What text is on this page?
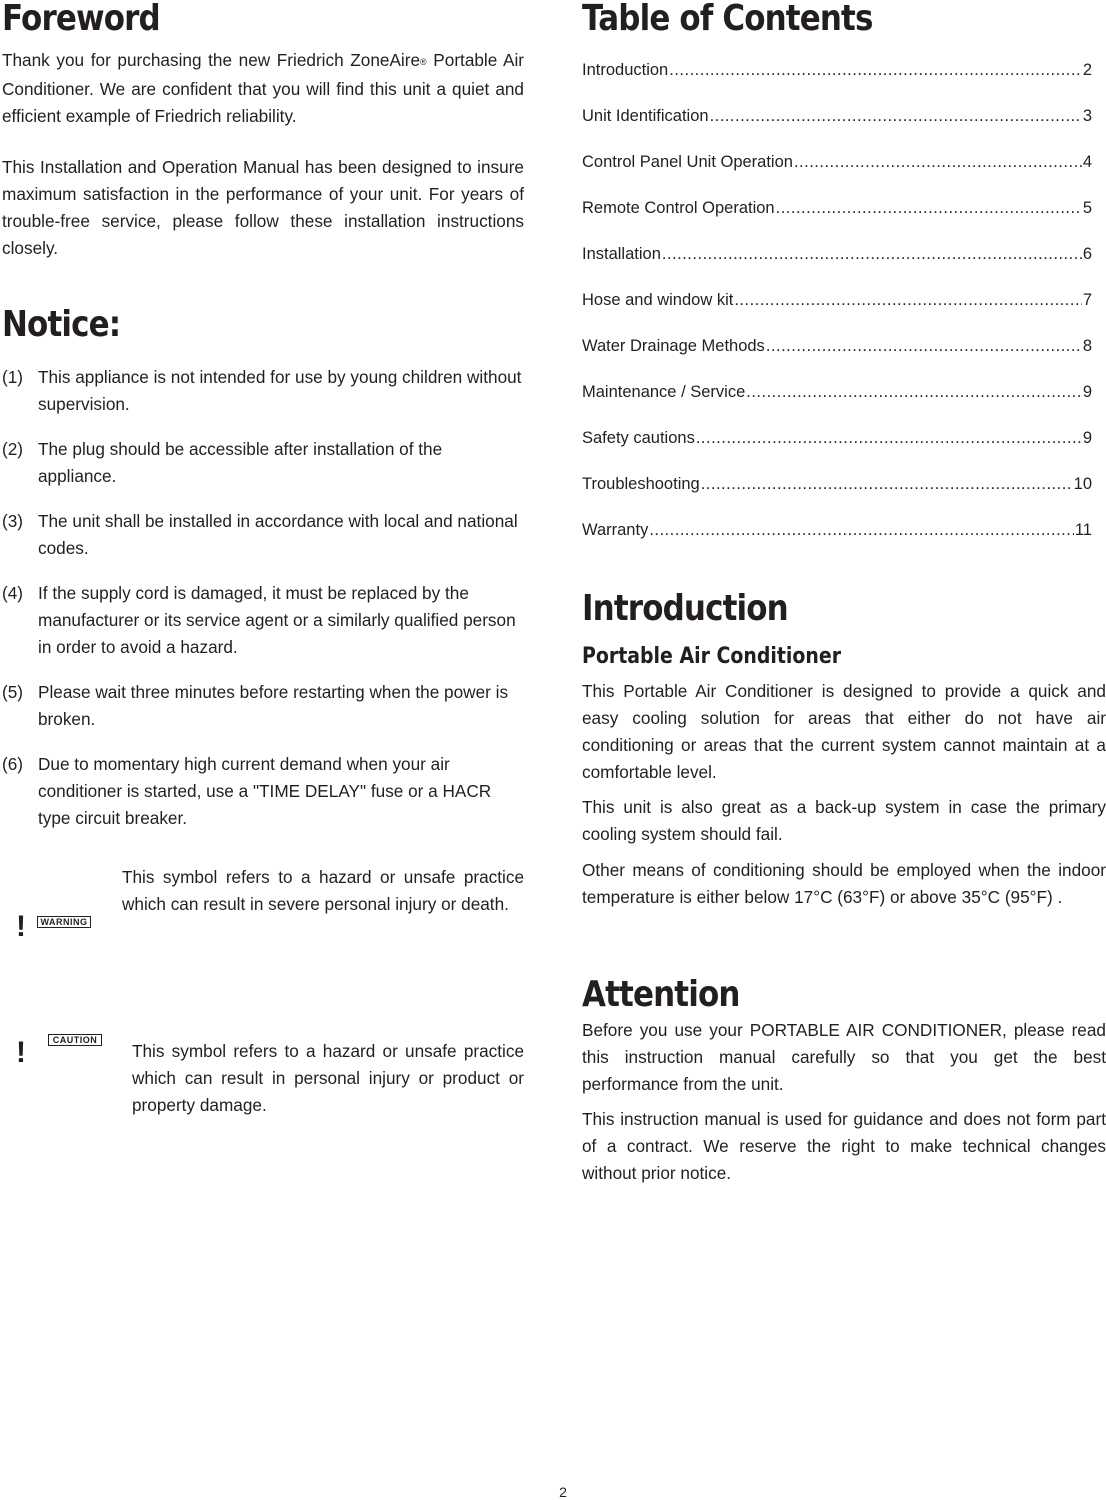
Foreword

Thank you for purchasing the new Friedrich ZoneAire® Portable Air Conditioner. We are confident that you will find this unit a quiet and efficient example of Friedrich reliability.

This Installation and Operation Manual has been designed to insure maximum satisfaction in the performance of your unit. For years of trouble-free service, please follow these installation instructions closely.

Notice:
(1) This appliance is not intended for use by young children without supervision.
(2) The plug should be accessible after installation of the appliance.
(3) The unit shall be installed in accordance with local and national codes.
(4) If the supply cord is damaged, it must be replaced by the manufacturer or its service agent or a similarly qualified person in order to avoid a hazard.
(5) Please wait three minutes before restarting when the power is broken.
(6) Due to momentary high current demand when your air conditioner is started, use a "TIME DELAY" fuse or a HACR type circuit breaker.
!	WARNING

This symbol refers to a hazard or unsafe practice which can result in severe personal injury or death.

!	CAUTION

This symbol refers to a hazard or unsafe practice which can result in personal injury or product or property damage.

Table of Contents
Introduction .....	2
Unit Identification .....	3
Control Panel Unit Operation .....	4
Remote Control Operation .....	5
Installation .....	6
Hose and window kit .....	7
Water Drainage Methods .....	8
Maintenance / Service .....	9
Safety cautions .....	9
Troubleshooting .....	10
Warranty .....	11
Introduction
Portable Air Conditioner

This Portable Air Conditioner is designed to provide a quick and easy cooling solution for areas that either do not have air conditioning or areas that the current system cannot maintain at a comfortable level.

This unit is also great as a back-up system in case the primary cooling system should fail.

Other means of conditioning should be employed when the indoor temperature is either below 17°C (63°F) or above 35°C (95°F) .

Attention

Before you use your PORTABLE AIR CONDITIONER, please read this instruction manual carefully so that you get the best performance from the unit.

This instruction manual is used for guidance and does not form part of a contract. We reserve the right to make technical changes without prior notice.

2
